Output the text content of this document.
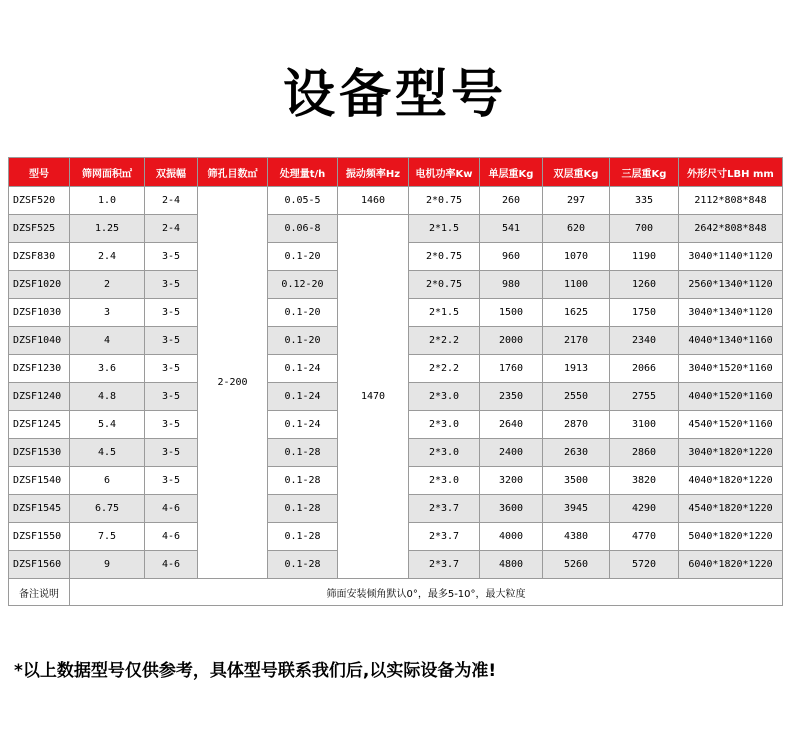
设备型号
型号	筛网面积㎡	双振幅	筛孔目数㎡	处理量t/h	振动频率Hz	电机功率Kw	单层重Kg	双层重Kg	三层重Kg	外形尺寸LBH mm
DZSF520	1.0	2-4	2-200	0.05-5	1460	2*0.75	260	297	335	2112*808*848
DZSF525	1.25	2-4		0.06-8	1470	2*1.5	541	620	700	2642*808*848
DZSF830	2.4	3-5		0.1-20		2*0.75	960	1070	1190	3040*1140*1120
DZSF1020	2	3-5		0.12-20		2*0.75	980	1100	1260	2560*1340*1120
DZSF1030	3	3-5		0.1-20		2*1.5	1500	1625	1750	3040*1340*1120
DZSF1040	4	3-5		0.1-20		2*2.2	2000	2170	2340	4040*1340*1160
DZSF1230	3.6	3-5		0.1-24		2*2.2	1760	1913	2066	3040*1520*1160
DZSF1240	4.8	3-5		0.1-24		2*3.0	2350	2550	2755	4040*1520*1160
DZSF1245	5.4	3-5		0.1-24		2*3.0	2640	2870	3100	4540*1520*1160
DZSF1530	4.5	3-5		0.1-28		2*3.0	2400	2630	2860	3040*1820*1220
DZSF1540	6	3-5		0.1-28		2*3.0	3200	3500	3820	4040*1820*1220
DZSF1545	6.75	4-6		0.1-28		2*3.7	3600	3945	4290	4540*1820*1220
DZSF1550	7.5	4-6		0.1-28		2*3.7	4000	4380	4770	5040*1820*1220
DZSF1560	9	4-6		0.1-28		2*3.7	4800	5260	5720	6040*1820*1220
备注说明	筛面安装倾角默认0°，最多5-10°，最大粒度									
*以上数据型号仅供参考，具体型号联系我们后,以实际设备为准!
